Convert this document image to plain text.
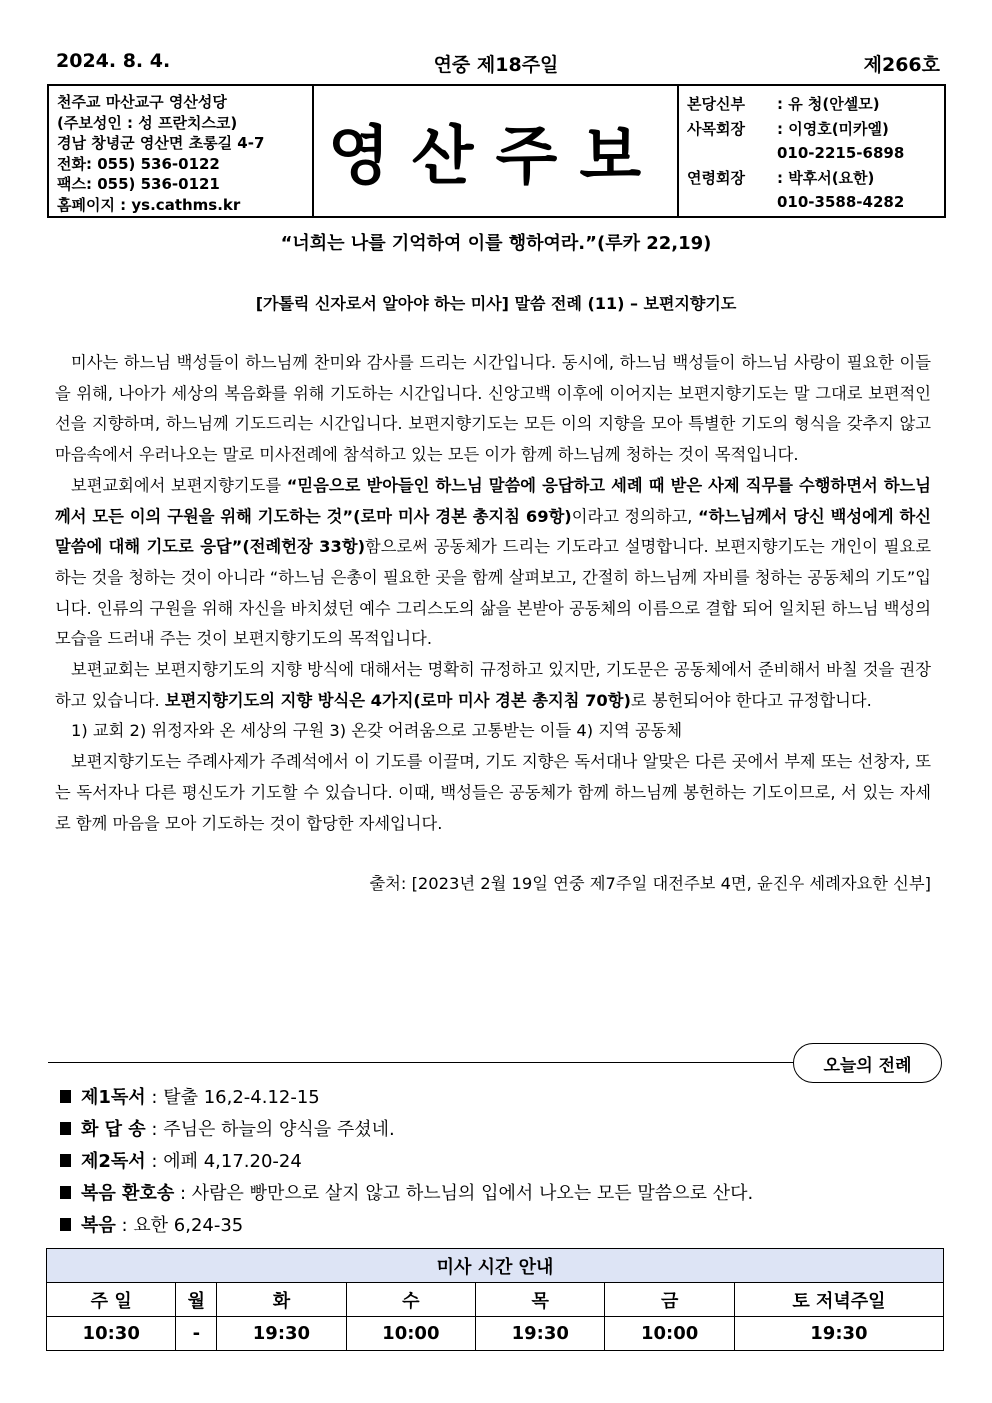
2024. 8. 4.	연중 제18주일	제266호
천주교 마산교구 영산성당
(주보성인 : 성 프란치스코)
경남 창녕군 영산면 초롱길 4-7
전화: 055) 536-0122
팩스: 055) 536-0121
홈페이지 : ys.cathms.kr
영산주보
본당신부	: 유 청(안셀모)
사목회장	: 이영호(미카엘)
010-2215-6898
연령회장	: 박후서(요한)
010-3588-4282
“너희는 나를 기억하여 이를 행하여라.”(루카 22,19)
[가톨릭 신자로서 알아야 하는 미사] 말씀 전례 (11) – 보편지향기도

미사는 하느님 백성들이 하느님께 찬미와 감사를 드리는 시간입니다. 동시에, 하느님 백성들이 하느님 사랑이 필요한 이들을 위해, 나아가 세상의 복음화를 위해 기도하는 시간입니다. 신앙고백 이후에 이어지는 보편지향기도는 말 그대로 보편적인 선을 지향하며, 하느님께 기도드리는 시간입니다. 보편지향기도는 모든 이의 지향을 모아 특별한 기도의 형식을 갖추지 않고 마음속에서 우러나오는 말로 미사전례에 참석하고 있는 모든 이가 함께 하느님께 청하는 것이 목적입니다.

보편교회에서 보편지향기도를 “믿음으로 받아들인 하느님 말씀에 응답하고 세례 때 받은 사제 직무를 수행하면서 하느님께서 모든 이의 구원을 위해 기도하는 것”(로마 미사 경본 총지침 69항)이라고 정의하고, “하느님께서 당신 백성에게 하신 말씀에 대해 기도로 응답”(전례헌장 33항)함으로써 공동체가 드리는 기도라고 설명합니다. 보편지향기도는 개인이 필요로 하는 것을 청하는 것이 아니라 “하느님 은총이 필요한 곳을 함께 살펴보고, 간절히 하느님께 자비를 청하는 공동체의 기도”입니다. 인류의 구원을 위해 자신을 바치셨던 예수 그리스도의 삶을 본받아 공동체의 이름으로 결합 되어 일치된 하느님 백성의 모습을 드러내 주는 것이 보편지향기도의 목적입니다.

보편교회는 보편지향기도의 지향 방식에 대해서는 명확히 규정하고 있지만, 기도문은 공동체에서 준비해서 바칠 것을 권장하고 있습니다. 보편지향기도의 지향 방식은 4가지(로마 미사 경본 총지침 70항)로 봉헌되어야 한다고 규정합니다.

1) 교회 2) 위정자와 온 세상의 구원 3) 온갖 어려움으로 고통받는 이들 4) 지역 공동체

보편지향기도는 주례사제가 주례석에서 이 기도를 이끌며, 기도 지향은 독서대나 알맞은 다른 곳에서 부제 또는 선창자, 또는 독서자나 다른 평신도가 기도할 수 있습니다. 이때, 백성들은 공동체가 함께 하느님께 봉헌하는 기도이므로, 서 있는 자세로 함께 마음을 모아 기도하는 것이 합당한 자세입니다.

출처: [2023년 2월 19일 연중 제7주일 대전주보 4면, 윤진우 세례자요한 신부]
오늘의 전례
제1독서 : 탈출 16,2-4.12-15
화 답 송 : 주님은 하늘의 양식을 주셨네.
제2독서 : 에페 4,17.20-24
복음 환호송 : 사람은 빵만으로 살지 않고 하느님의 입에서 나오는 모든 말씀으로 산다.
복음 : 요한 6,24-35
미사 시간 안내						
주 일	월	화	수	목	금	토 저녁주일
10:30	-	19:30	10:00	19:30	10:00	19:30
